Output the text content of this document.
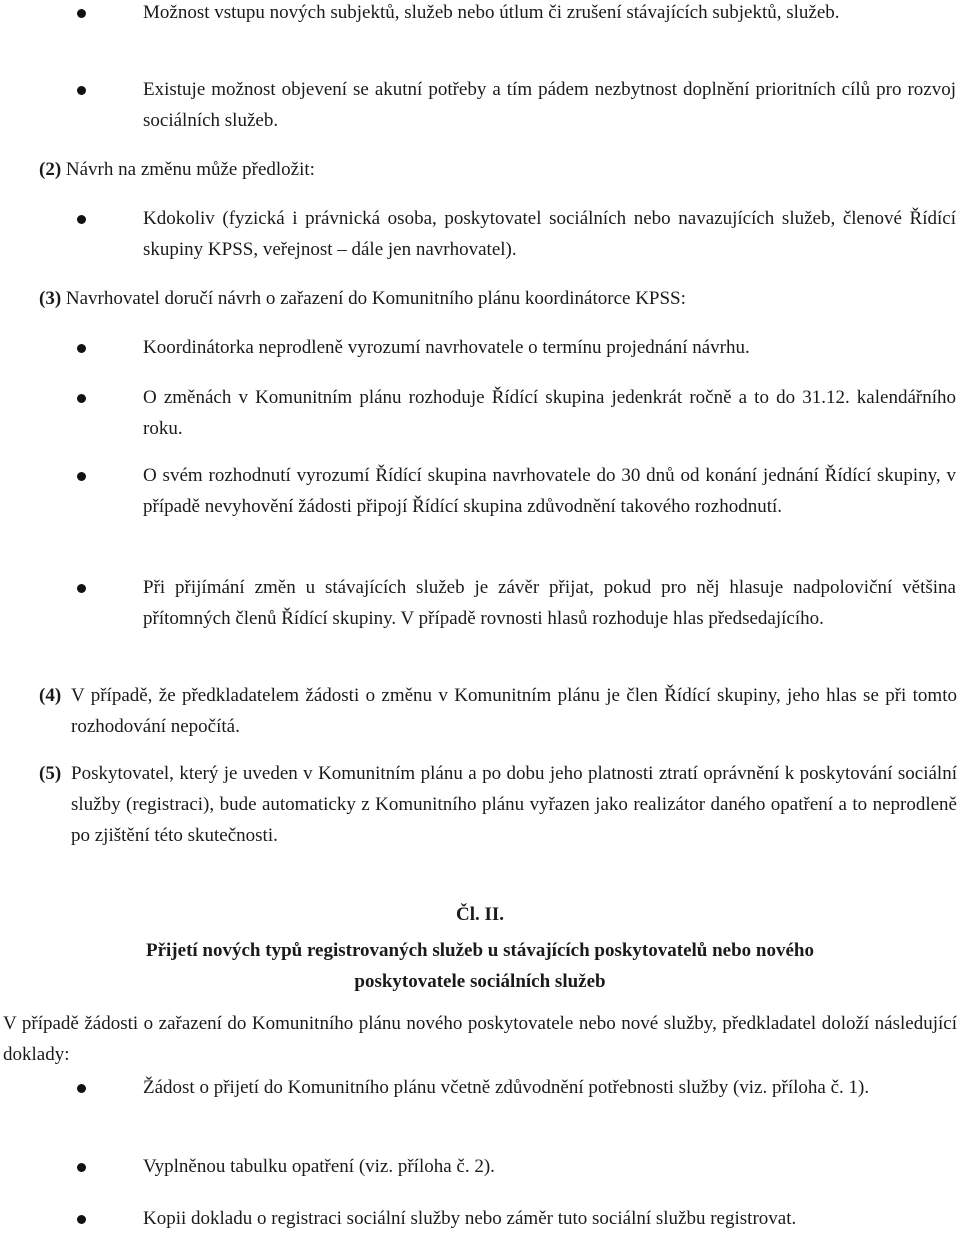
Možnost vstupu nových subjektů, služeb nebo útlum či zrušení stávajících subjektů, služeb.
Existuje možnost objevení se akutní potřeby a tím pádem nezbytnost doplnění prioritních cílů pro rozvoj sociálních služeb.
(2) Návrh na změnu může předložit:
Kdokoliv (fyzická i právnická osoba, poskytovatel sociálních nebo navazujících služeb, členové Řídící skupiny KPSS, veřejnost – dále jen navrhovatel).
(3) Navrhovatel doručí návrh o zařazení do Komunitního plánu koordinátorce KPSS:
Koordinátorka neprodleně vyrozumí navrhovatele o termínu projednání návrhu.
O změnách v Komunitním plánu rozhoduje Řídící skupina jedenkrát ročně a to do 31.12. kalendářního roku.
O svém rozhodnutí vyrozumí Řídící skupina navrhovatele do 30 dnů od konání jednání Řídící skupiny, v případě nevyhovění žádosti připojí Řídící skupina zdůvodnění takového rozhodnutí.
Při přijímání změn u stávajících služeb je závěr přijat, pokud pro něj hlasuje nadpoloviční většina přítomných členů Řídící skupiny. V případě rovnosti hlasů rozhoduje hlas předsedajícího.
(4) V případě, že předkladatelem žádosti o změnu v Komunitním plánu je člen Řídící skupiny, jeho hlas se při tomto rozhodování nepočítá.
(5) Poskytovatel, který je uveden v Komunitním plánu a po dobu jeho platnosti ztratí oprávnění k poskytování sociální služby (registraci), bude automaticky z Komunitního plánu vyřazen jako realizátor daného opatření a to neprodleně po zjištění této skutečnosti.
Čl. II.
Přijetí nových typů registrovaných služeb u stávajících poskytovatelů nebo nového
poskytovatele sociálních služeb
V případě žádosti o zařazení do Komunitního plánu nového poskytovatele nebo nové služby, předkladatel doloží následující doklady:
Žádost o přijetí do Komunitního plánu včetně zdůvodnění potřebnosti služby (viz. příloha č. 1).
Vyplněnou tabulku opatření (viz. příloha č. 2).
Kopii dokladu o registraci sociální služby nebo záměr tuto sociální službu registrovat.
